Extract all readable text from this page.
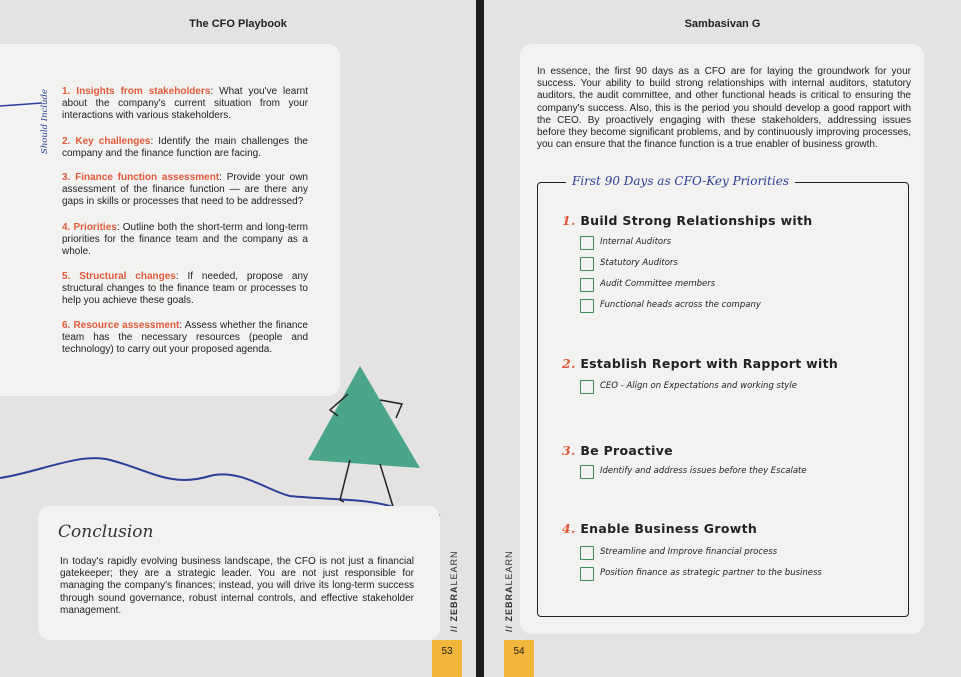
The CFO Playbook
Should Include 1. Insights from stakeholders: What you've learnt about the company's current situation from your interactions with various stakeholders.
2. Key challenges: Identify the main challenges the company and the finance function are facing.
3. Finance function assessment: Provide your own assessment of the finance function — are there any gaps in skills or processes that need to be addressed?
4. Priorities: Outline both the short-term and long-term priorities for the finance team and the company as a whole.
5. Structural changes: If needed, propose any structural changes to the finance team or processes to help you achieve these goals.
6. Resource assessment: Assess whether the finance team has the necessary resources (people and technology) to carry out your proposed agenda.
Conclusion
In today's rapidly evolving business landscape, the CFO is not just a financial gatekeeper; they are a strategic leader. You are not just responsible for managing the company's finances; instead, you will drive its long-term success through sound governance, robust internal controls, and effective stakeholder management.
// ZEBRALEARN
53
Sambasivan G
// ZEBRALEARN
54
In essence, the first 90 days as a CFO are for laying the groundwork for your success. Your ability to build strong relationships with internal auditors, statutory auditors, the audit committee, and other functional heads is critical to ensuring the company's success. Also, this is the period you should develop a good rapport with the CEO. By proactively engaging with these stakeholders, addressing issues before they become significant problems, and by continuously improving processes, you can ensure that the finance function is a true enabler of business growth.
First 90 Days as CFO-Key Priorities
1. Build Strong Relationships with
Internal Auditors
Statutory Auditors
Audit Committee members
Functional heads across the company
2. Establish Report with Rapport with
CEO - Align on Expectations and working style
3. Be Proactive
Identify and address issues before they Escalate
4. Enable Business Growth
Streamline and Improve financial process
Position finance as strategic partner to the business
